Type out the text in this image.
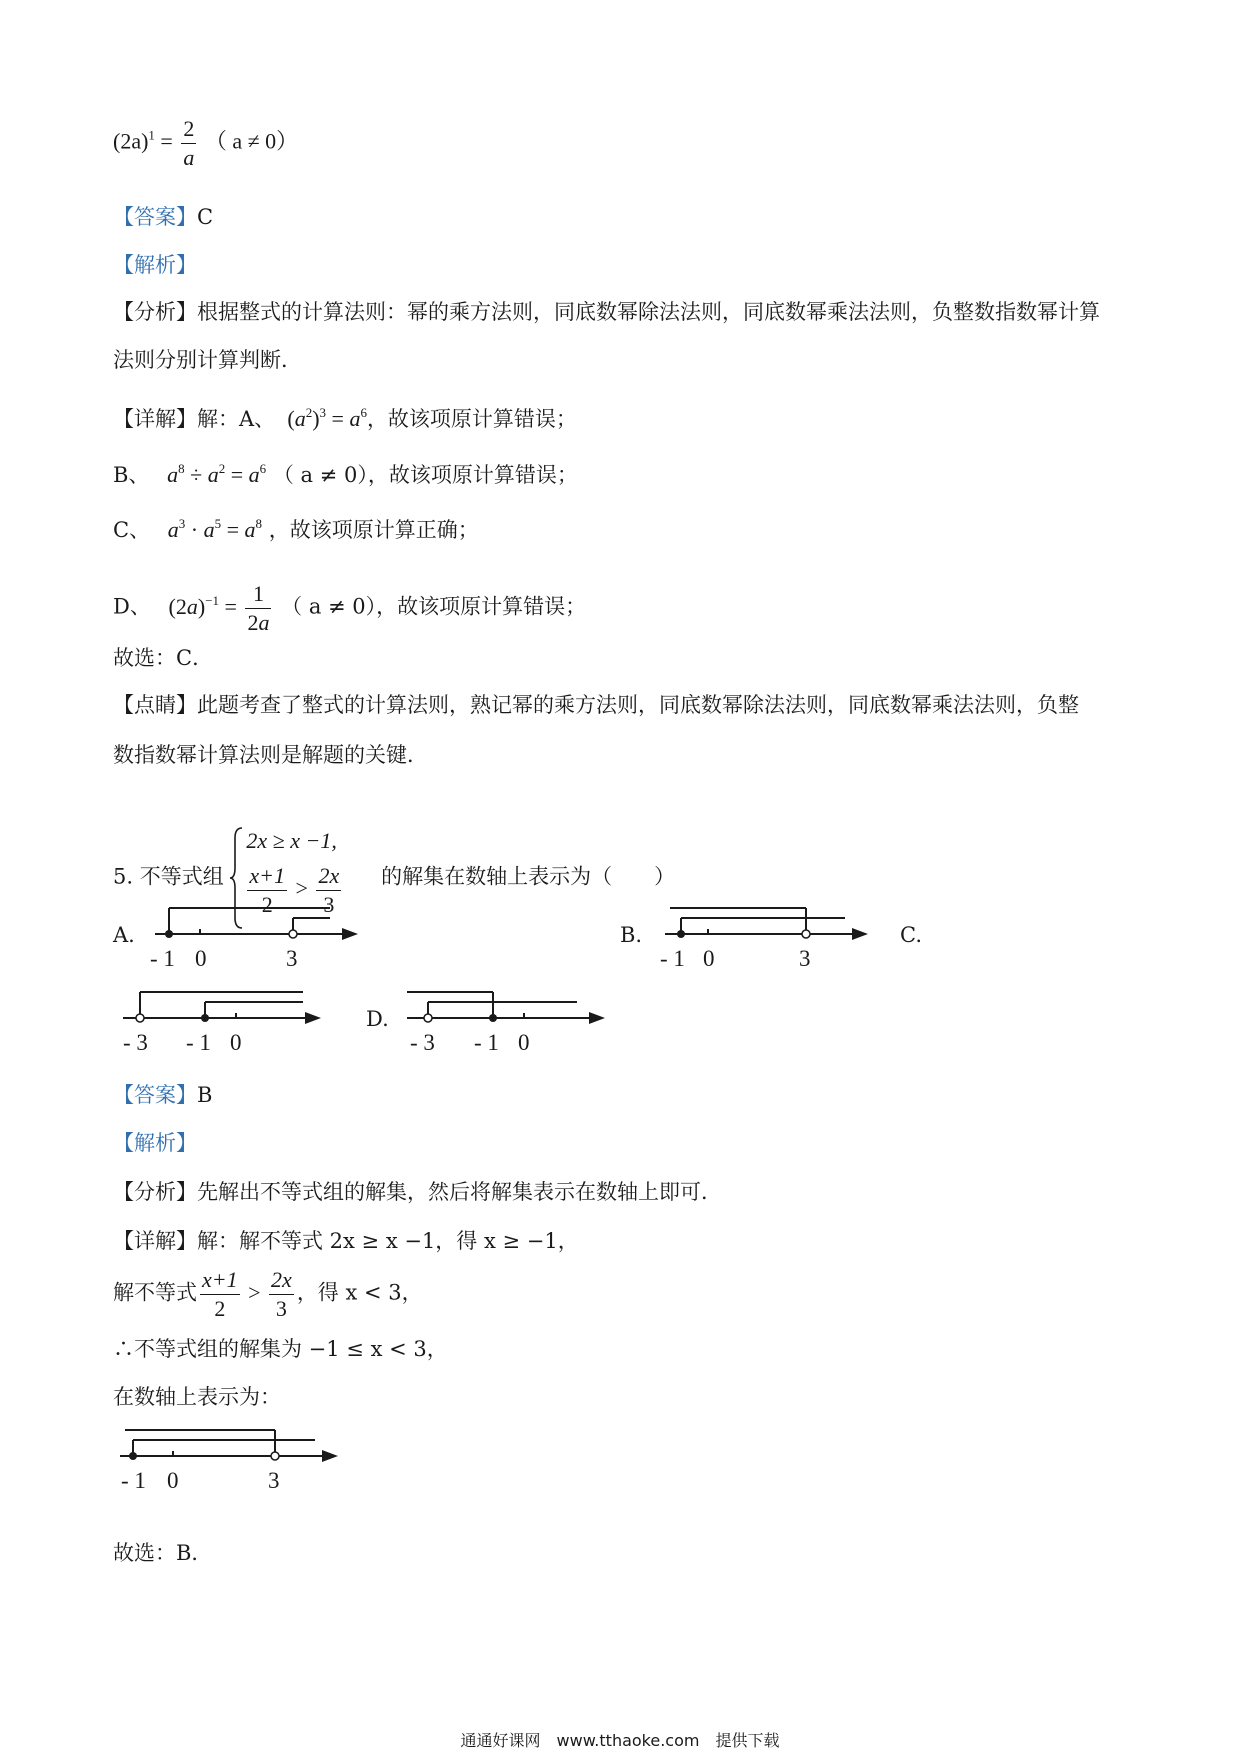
$(2a)^1 = \frac{2}{a}$ （ a ≠ 0）
【答案】C
【解析】
【分析】根据整式的计算法则：幂的乘方法则，同底数幂除法法则，同底数幂乘法法则，负整数指数幂计算
法则分别计算判断．
【详解】解：A、  $(a^2)^3 = a^6$，故该项原计算错误；
B、 $a^8 \div a^2 = a^6$ （ a ≠ 0），故该项原计算错误；
C、 $a^3 \cdot a^5 = a^8$ ，故该项原计算正确；
D、   $(2a)^{-1} = \frac{1}{2a}$ （ a ≠ 0），故该项原计算错误；
故选：C．
【点睛】此题考查了整式的计算法则，熟记幂的乘方法则，同底数幂除法法则，同底数幂乘法法则，负整
数指数幂计算法则是解题的关键．
5. 不等式组
2x ≥ x −1,
$\frac{x+1}{2} > \frac{2x}{3}$ 的解集在数轴上表示为（　　）
A.
- 1 0	3
B.
- 1 0	3
C.
- 3 - 1 0
D.
- 3 - 1 0
【答案】B
【解析】
【分析】先解出不等式组的解集，然后将解集表示在数轴上即可．
【详解】解：解不等式 2x ≥ x −1，得 x ≥ −1，
解不等式 $\frac{x+1}{2} > \frac{2x}{3}$ ，得 x < 3，
∴不等式组的解集为 −1 ≤ x < 3，
在数轴上表示为：
- 1 0	3
故选：B．
通通好课网　www.tthaoke.com　提供下载
